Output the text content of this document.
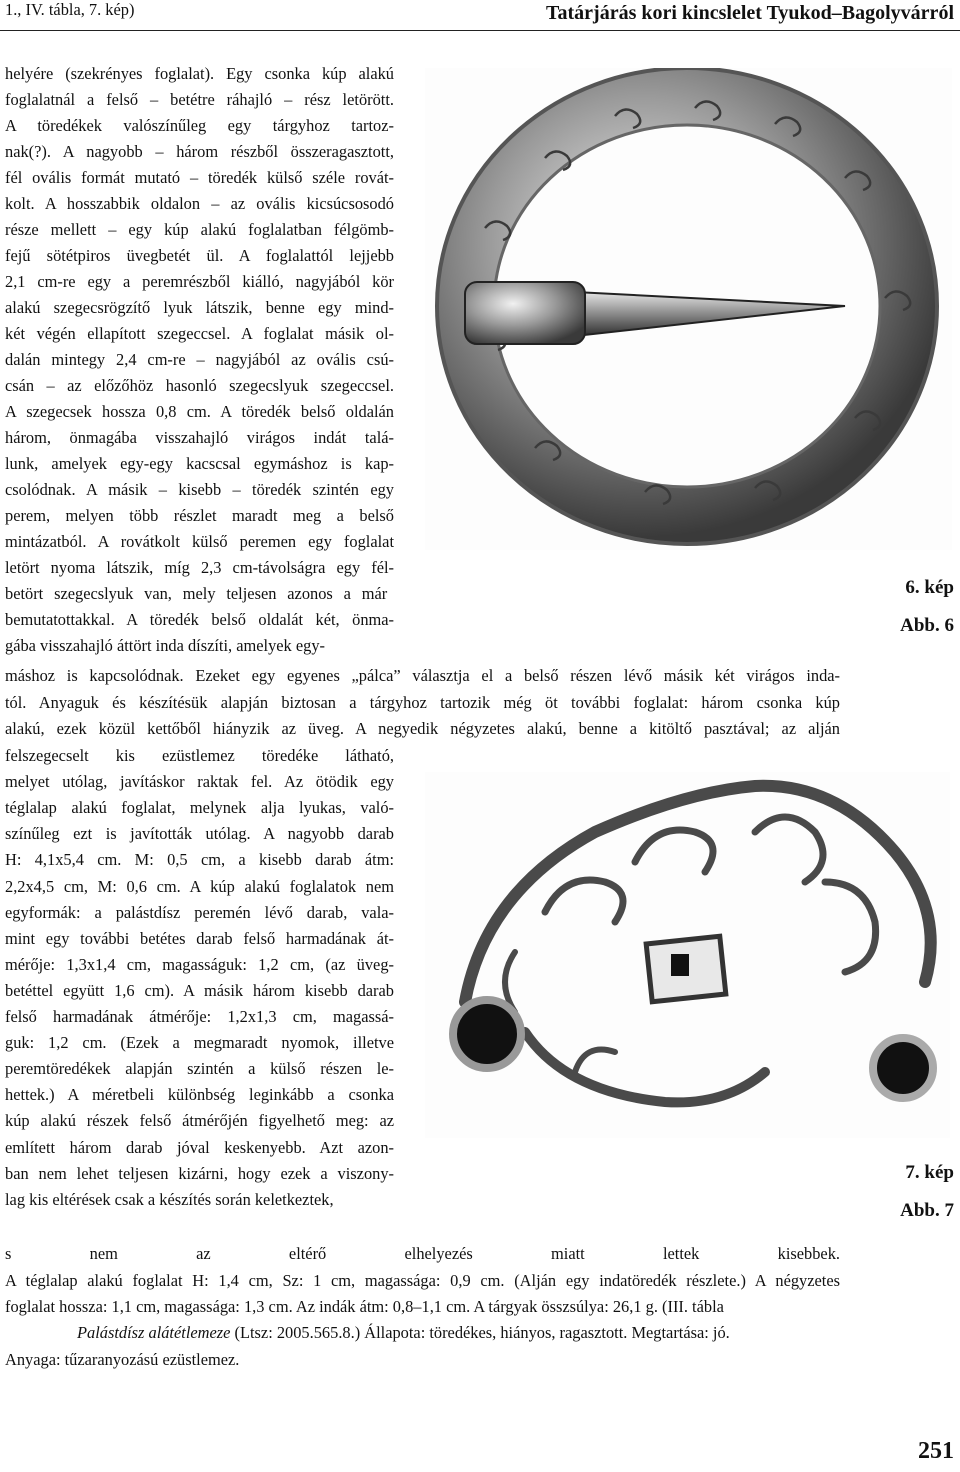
Tatárjárás kori kincslelet Tyukod–Bagolyvárról
helyére (szekrényes foglalat). Egy csonka kúp alakú
foglalatnál a felső – betétre ráhajló – rész letörött.
A töredékek valószínűleg egy tárgyhoz tartoz-
nak(?). A nagyobb – három részből összeragasztott,
fél ovális formát mutató – töredék külső széle rovát-
kolt. A hosszabbik oldalon – az ovális kicsúcsosodó
része mellett – egy kúp alakú foglalatban félgömb-
fejű sötétpiros üvegbetét ül. A foglalattól lejjebb
2,1 cm-re egy a peremrészből kiálló, nagyjából kör
alakú szegecsrögzítő lyuk látszik, benne egy mind-
két végén ellapított szegeccsel. A foglalat másik ol-
dalán mintegy 2,4 cm-re – nagyjából az ovális csú-
csán – az előzőhöz hasonló szegecslyuk szegeccsel.
A szegecsek hossza 0,8 cm. A töredék belső oldalán
három, önmagába visszahajló virágos indát talá-
lunk, amelyek egy-egy kacscsal egymáshoz is kap-
csolódnak. A másik – kisebb – töredék szintén egy
perem, melyen több részlet maradt meg a belső
mintázatból. A rovátkolt külső peremen egy foglalat
letört nyoma látszik, míg 2,3 cm-távolságra egy fél-
betört szegecslyuk van, mely teljesen azonos a már
bemutatottakkal. A töredék belső oldalát két, önma-
gába visszahajló áttört inda díszíti, amelyek egy-
máshoz is kapcsolódnak. Ezeket egy egyenes „pálca” választja el a belső részen lévő másik két virágos inda-
tól. Anyaguk és készítésük alapján biztosan a tárgyhoz tartozik még öt további foglalat: három csonka kúp
alakú, ezek közül kettőből hiányzik az üveg. A negyedik négyzetes alakú, benne a kitöltő pasztával; az alján
felszegecselt kis ezüstlemez töredéke látható,
melyet utólag, javításkor raktak fel. Az ötödik egy
téglalap alakú foglalat, melynek alja lyukas, való-
színűleg ezt is javították utólag. A nagyobb darab
H: 4,1x5,4 cm. M: 0,5 cm, a kisebb darab átm:
2,2x4,5 cm, M: 0,6 cm. A kúp alakú foglalatok nem
egyformák: a palástdísz peremén lévő darab, vala-
mint egy további betétes darab felső harmadának át-
mérője: 1,3x1,4 cm, magasságuk: 1,2 cm, (az üveg-
betéttel együtt 1,6 cm). A másik három kisebb darab
felső harmadának átmérője: 1,2x1,3 cm, magassá-
guk: 1,2 cm. (Ezek a megmaradt nyomok, illetve
peremtöredékek alapján szintén a külső részen le-
hettek.) A méretbeli különbség leginkább a csonka
kúp alakú részek felső átmérőjén figyelhető meg: az
említett három darab jóval keskenyebb. Azt azon-
ban nem lehet teljesen kizárni, hogy ezek a viszony-
lag kis eltérések csak a készítés során keletkeztek,
s nem az eltérő elhelyezés miatt lettek kisebbek.
A téglalap alakú foglalat H: 1,4 cm, Sz: 1 cm, magassága: 0,9 cm. (Alján egy indatöredék részlete.) A négyzetes
foglalat hossza: 1,1 cm, magassága: 1,3 cm. Az indák átm: 0,8–1,1 cm. A tárgyak összsúlya: 26,1 g. (III. tábla
1., IV. tábla, 7. kép)
Palástdísz alátétlemeze (Ltsz: 2005.565.8.) Állapota: töredékes, hiányos, ragasztott. Megtartása: jó.
Anyaga: tűzaranyozású ezüstlemez.
6. kép
Abb. 6
7. kép
Abb. 7
251
